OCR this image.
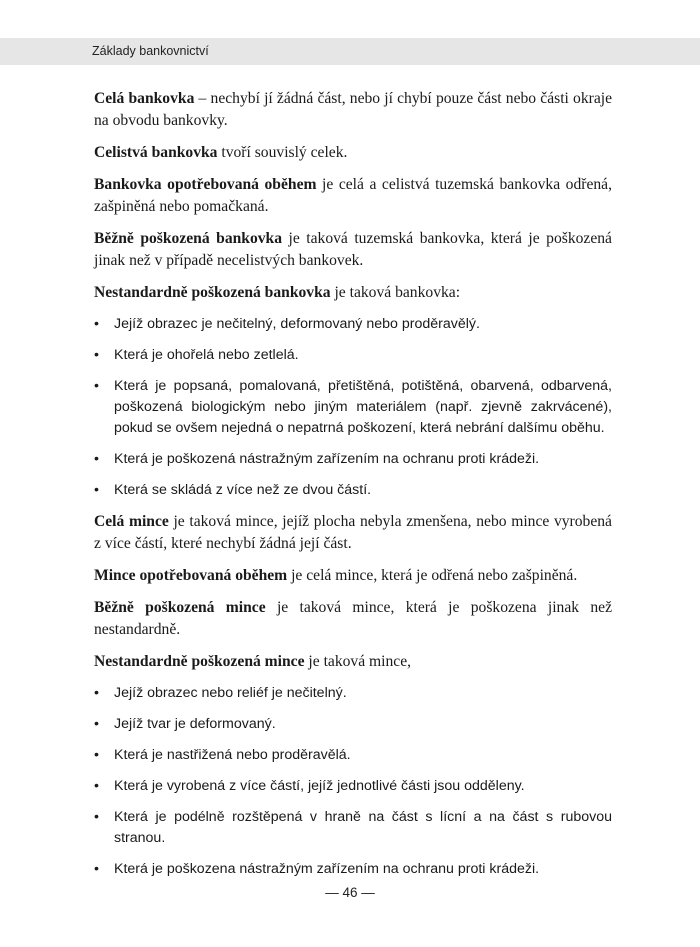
Základy bankovnictví

Celá bankovka – nechybí jí žádná část, nebo jí chybí pouze část nebo části okraje na obvodu bankovky.

Celistvá bankovka tvoří souvislý celek.

Bankovka opotřebovaná oběhem je celá a celistvá tuzemská bankovka odřená, zašpiněná nebo pomačkaná.

Běžně poškozená bankovka je taková tuzemská bankovka, která je poškozená jinak než v případě necelistvých bankovek.

Nestandardně poškozená bankovka je taková bankovka:

• Jejíž obrazec je nečitelný, deformovaný nebo proděravělý.
• Která je ohořelá nebo zetlelá.
• Která je popsaná, pomalovaná, přetištěná, potištěná, obarvená, odbarvená, poškozená biologickým nebo jiným materiálem (např. zjevně zakrvácené), pokud se ovšem nejedná o nepatrná poškození, která nebrání dalšímu oběhu.
• Která je poškozená nástražným zařízením na ochranu proti krádeži.
• Která se skládá z více než ze dvou částí.

Celá mince je taková mince, jejíž plocha nebyla zmenšena, nebo mince vyrobená z více částí, které nechybí žádná její část.

Mince opotřebovaná oběhem je celá mince, která je odřená nebo zašpiněná.

Běžně poškozená mince je taková mince, která je poškozena jinak než nestandardně.

Nestandardně poškozená mince je taková mince,

• Jejíž obrazec nebo reliéf je nečitelný.
• Jejíž tvar je deformovaný.
• Která je nastřižená nebo proděravělá.
• Která je vyrobená z více částí, jejíž jednotlivé části jsou odděleny.
• Která je podélně rozštěpená v hraně na část s lícní a na část s rubovou stranou.
• Která je poškozena nástražným zařízením na ochranu proti krádeži.
— 46 —
